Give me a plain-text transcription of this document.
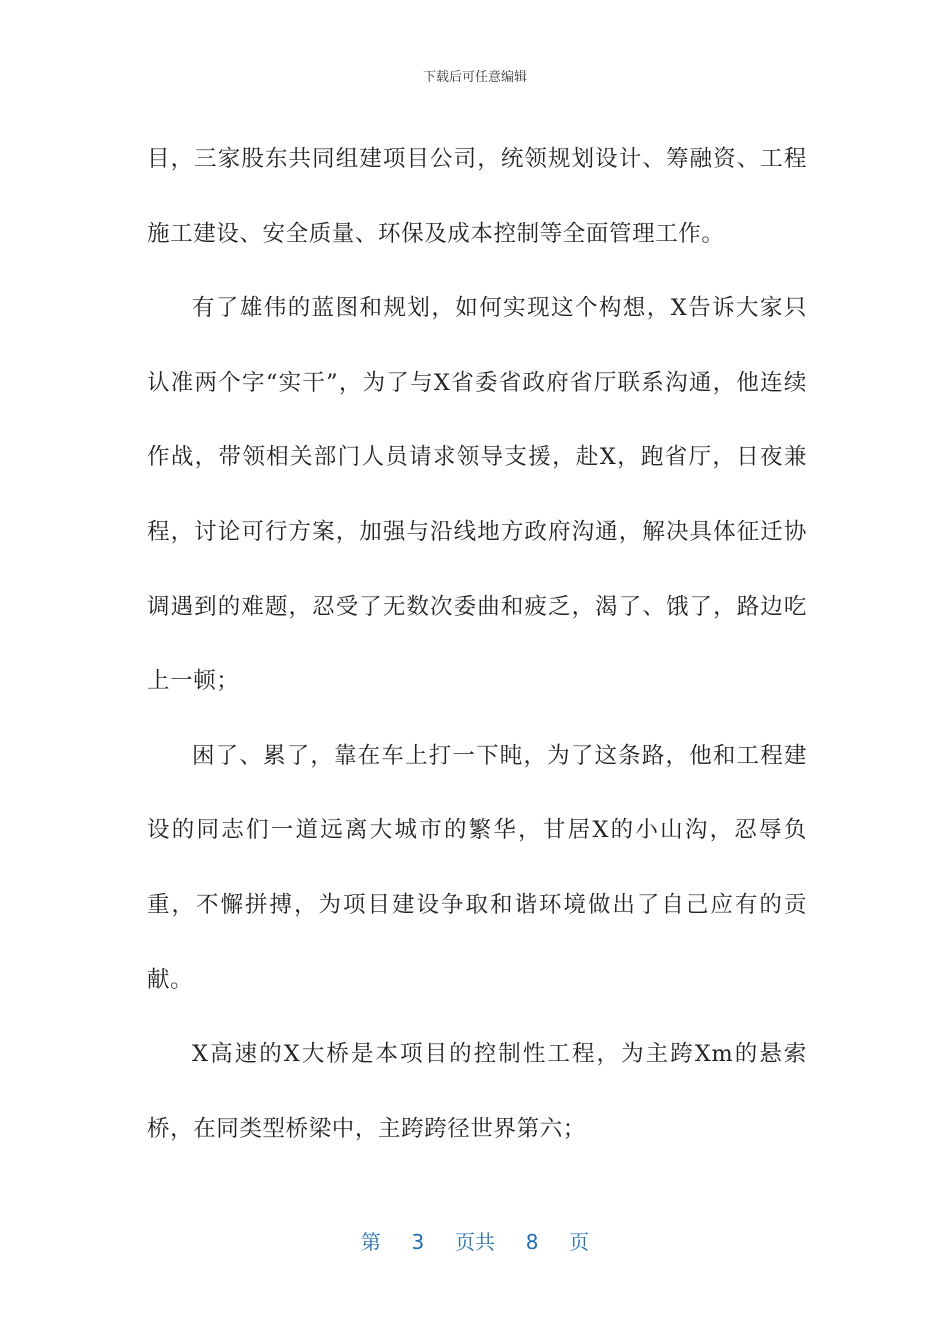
下载后可任意编辑

目，三家股东共同组建项目公司，统领规划设计、筹融资、工程施工建设、安全质量、环保及成本控制等全面管理工作。

有了雄伟的蓝图和规划，如何实现这个构想，X告诉大家只认准两个字“实干”，为了与X省委省政府省厅联系沟通，他连续作战，带领相关部门人员请求领导支援，赴X，跑省厅，日夜兼程，讨论可行方案，加强与沿线地方政府沟通，解决具体征迁协调遇到的难题，忍受了无数次委曲和疲乏，渴了、饿了，路边吃上一顿；

困了、累了，靠在车上打一下盹，为了这条路，他和工程建设的同志们一道远离大城市的繁华，甘居X的小山沟，忍辱负重，不懈拼搏，为项目建设争取和谐环境做出了自己应有的贡献。

X高速的X大桥是本项目的控制性工程，为主跨Xm的悬索桥，在同类型桥梁中，主跨跨径世界第六；

第 3 页共 8 页
